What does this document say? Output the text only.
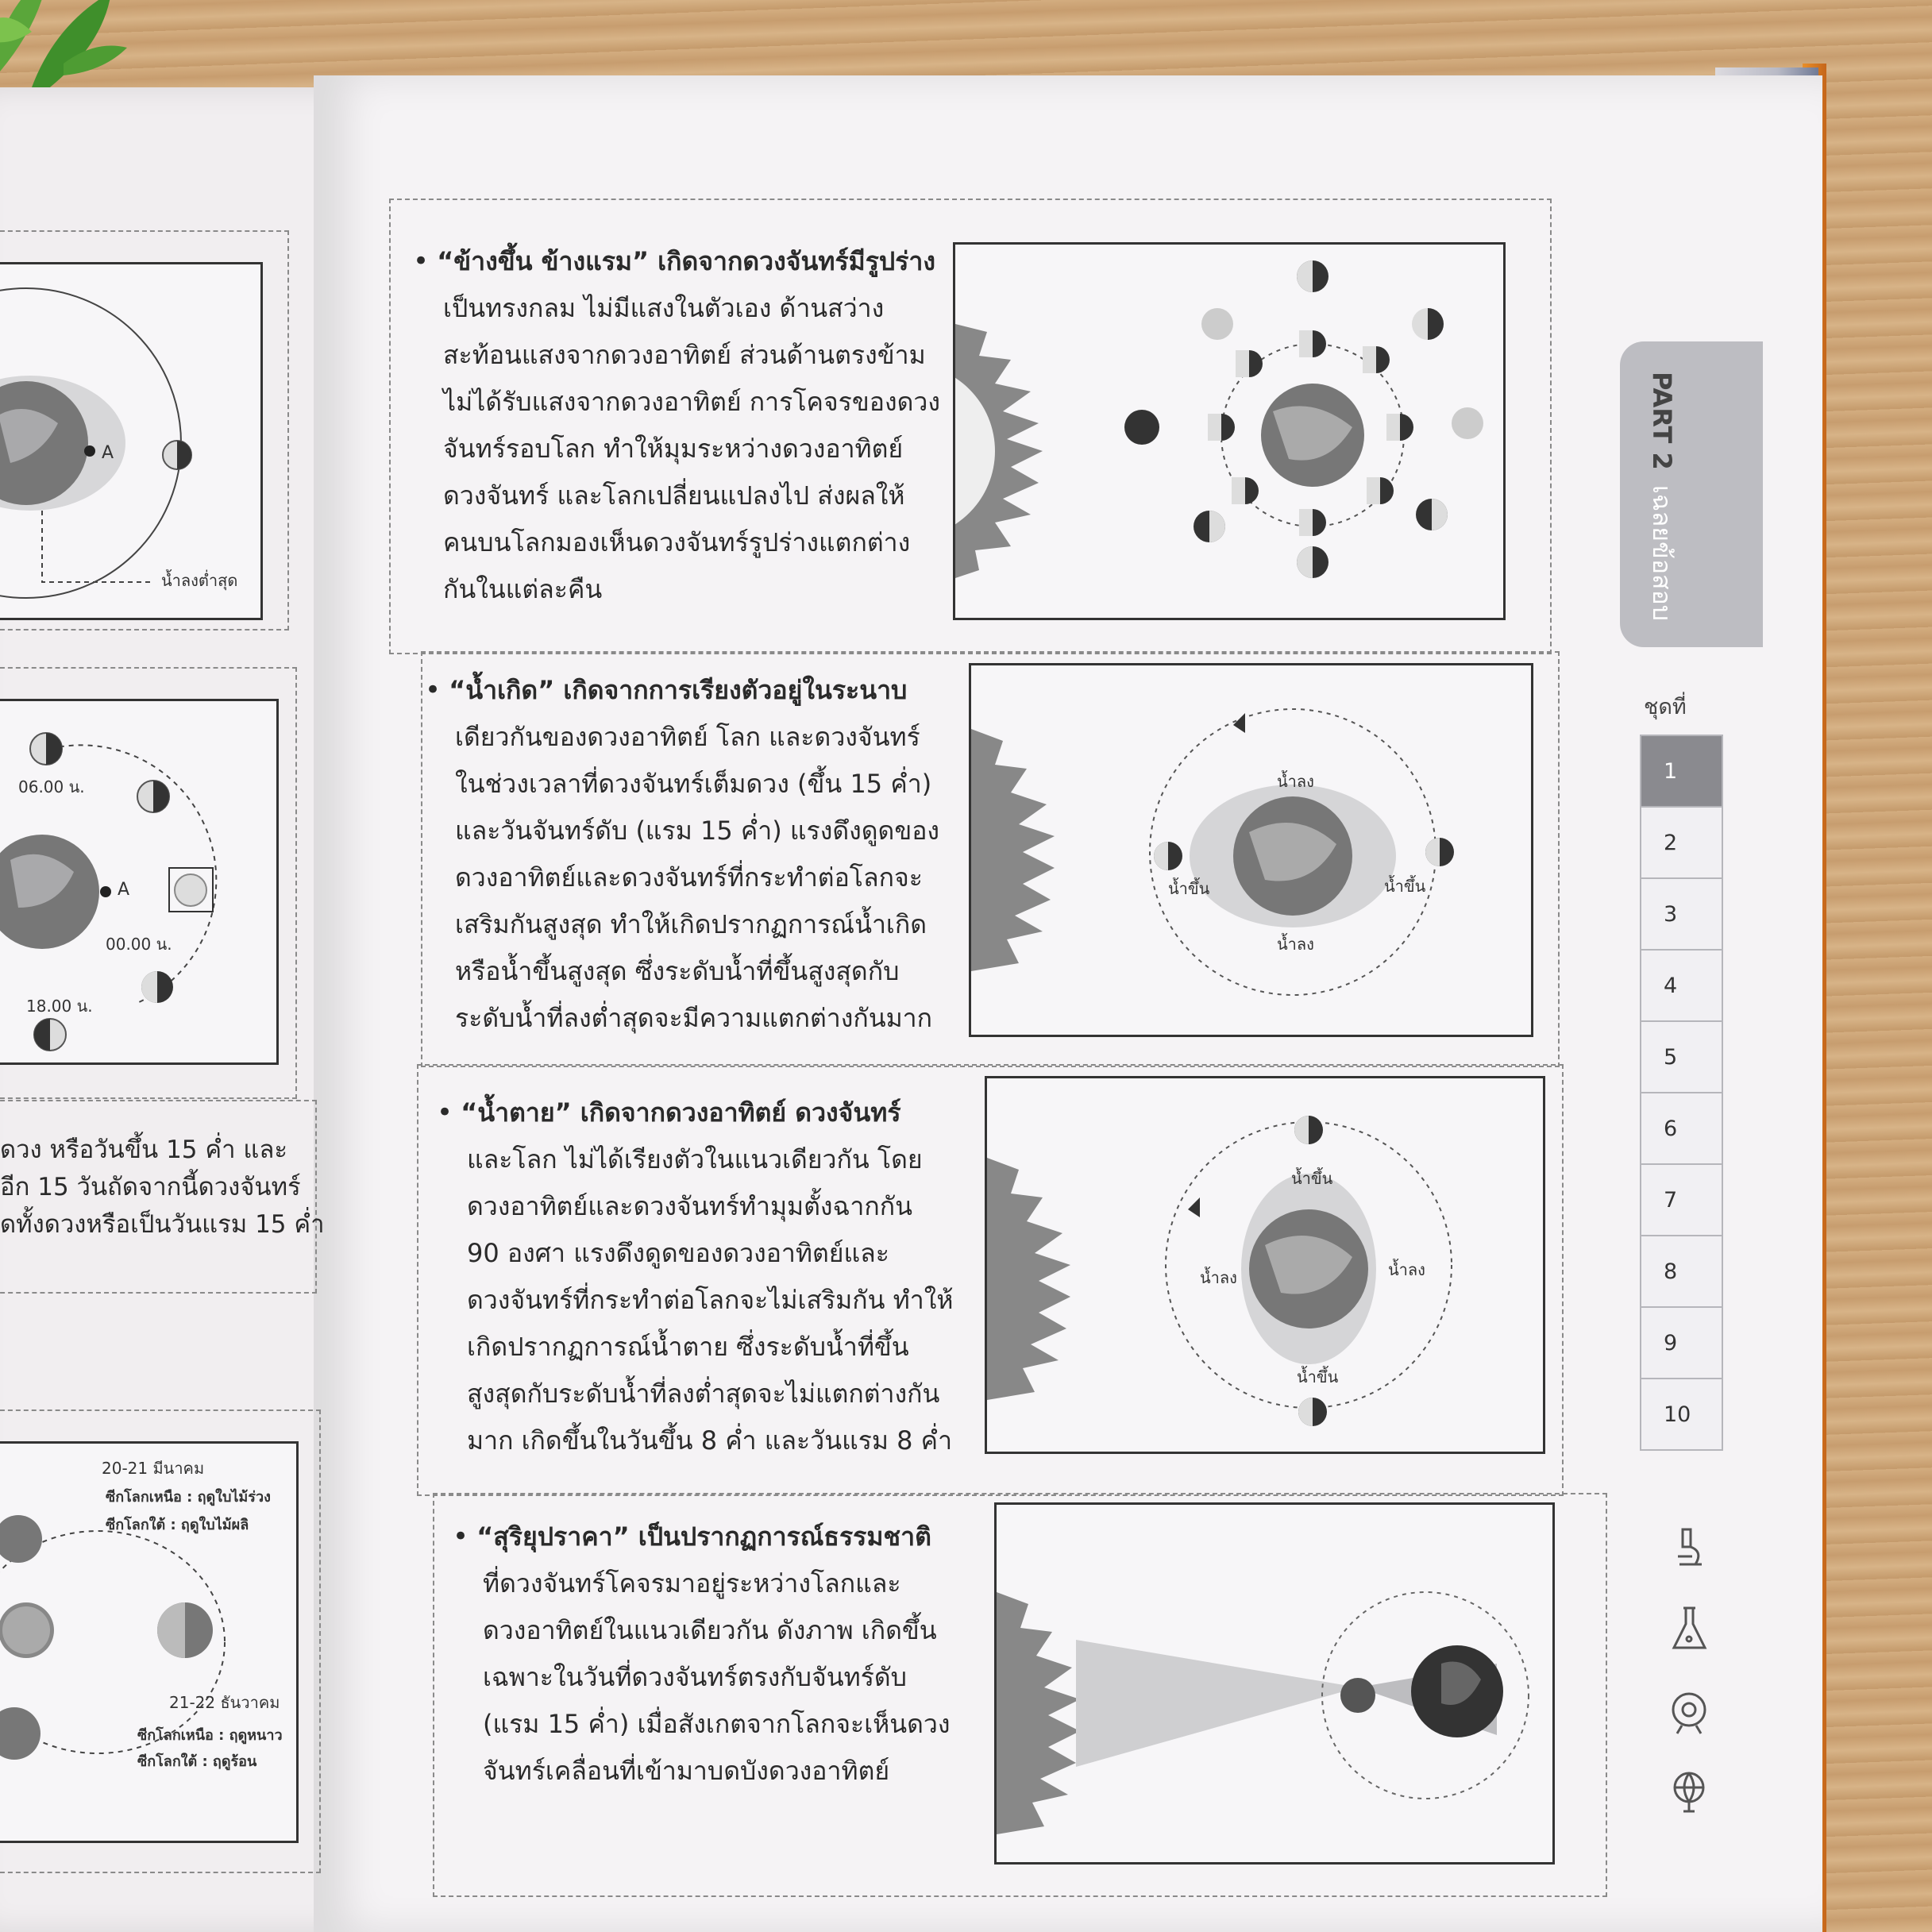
A
น้ำลงต่ำสุด
06.00 น.
A
00.00 น.
18.00 น.
ดวง หรือวันขึ้น 15 ค่ำ และ
อีก 15 วันถัดจากนี้ดวงจันทร์
ดทั้งดวงหรือเป็นวันแรม 15 ค่ำ
20-21 มีนาคม
ซีกโลกเหนือ : ฤดูใบไม้ร่วง
ซีกโลกใต้ : ฤดูใบไม้ผลิ
21-22 ธันวาคม
ซีกโลกเหนือ : ฤดูหนาว
ซีกโลกใต้ : ฤดูร้อน
• “ข้างขึ้น ข้างแรม” เกิดจากดวงจันทร์มีรูปร่าง
เป็นทรงกลม ไม่มีแสงในตัวเอง ด้านสว่าง
สะท้อนแสงจากดวงอาทิตย์ ส่วนด้านตรงข้าม
ไม่ได้รับแสงจากดวงอาทิตย์ การโคจรของดวง
จันทร์รอบโลก ทำให้มุมระหว่างดวงอาทิตย์
ดวงจันทร์ และโลกเปลี่ยนแปลงไป ส่งผลให้
คนบนโลกมองเห็นดวงจันทร์รูปร่างแตกต่าง
กันในแต่ละคืน
• “น้ำเกิด” เกิดจากการเรียงตัวอยู่ในระนาบ
เดียวกันของดวงอาทิตย์ โลก และดวงจันทร์
ในช่วงเวลาที่ดวงจันทร์เต็มดวง (ขึ้น 15 ค่ำ)
และวันจันทร์ดับ (แรม 15 ค่ำ) แรงดึงดูดของ
ดวงอาทิตย์และดวงจันทร์ที่กระทำต่อโลกจะ
เสริมกันสูงสุด ทำให้เกิดปรากฏการณ์น้ำเกิด
หรือน้ำขึ้นสูงสุด ซึ่งระดับน้ำที่ขึ้นสูงสุดกับ
ระดับน้ำที่ลงต่ำสุดจะมีความแตกต่างกันมาก
น้ำลง
น้ำลง
น้ำขึ้น	น้ำขึ้น
• “น้ำตาย” เกิดจากดวงอาทิตย์ ดวงจันทร์
และโลก ไม่ได้เรียงตัวในแนวเดียวกัน โดย
ดวงอาทิตย์และดวงจันทร์ทำมุมตั้งฉากกัน
90 องศา แรงดึงดูดของดวงอาทิตย์และ
ดวงจันทร์ที่กระทำต่อโลกจะไม่เสริมกัน ทำให้
เกิดปรากฏการณ์น้ำตาย ซึ่งระดับน้ำที่ขึ้น
สูงสุดกับระดับน้ำที่ลงต่ำสุดจะไม่แตกต่างกัน
มาก เกิดขึ้นในวันขึ้น 8 ค่ำ และวันแรม 8 ค่ำ
น้ำขึ้น
น้ำขึ้น
น้ำลง	น้ำลง
• “สุริยุปราคา” เป็นปรากฏการณ์ธรรมชาติ
ที่ดวงจันทร์โคจรมาอยู่ระหว่างโลกและ
ดวงอาทิตย์ในแนวเดียวกัน ดังภาพ เกิดขึ้น
เฉพาะในวันที่ดวงจันทร์ตรงกับจันทร์ดับ
(แรม 15 ค่ำ) เมื่อสังเกตจากโลกจะเห็นดวง
จันทร์เคลื่อนที่เข้ามาบดบังดวงอาทิตย์
PART 2 เฉลยข้อสอบ
ชุดที่
1
2
3
4
5
6
7
8
9
10
